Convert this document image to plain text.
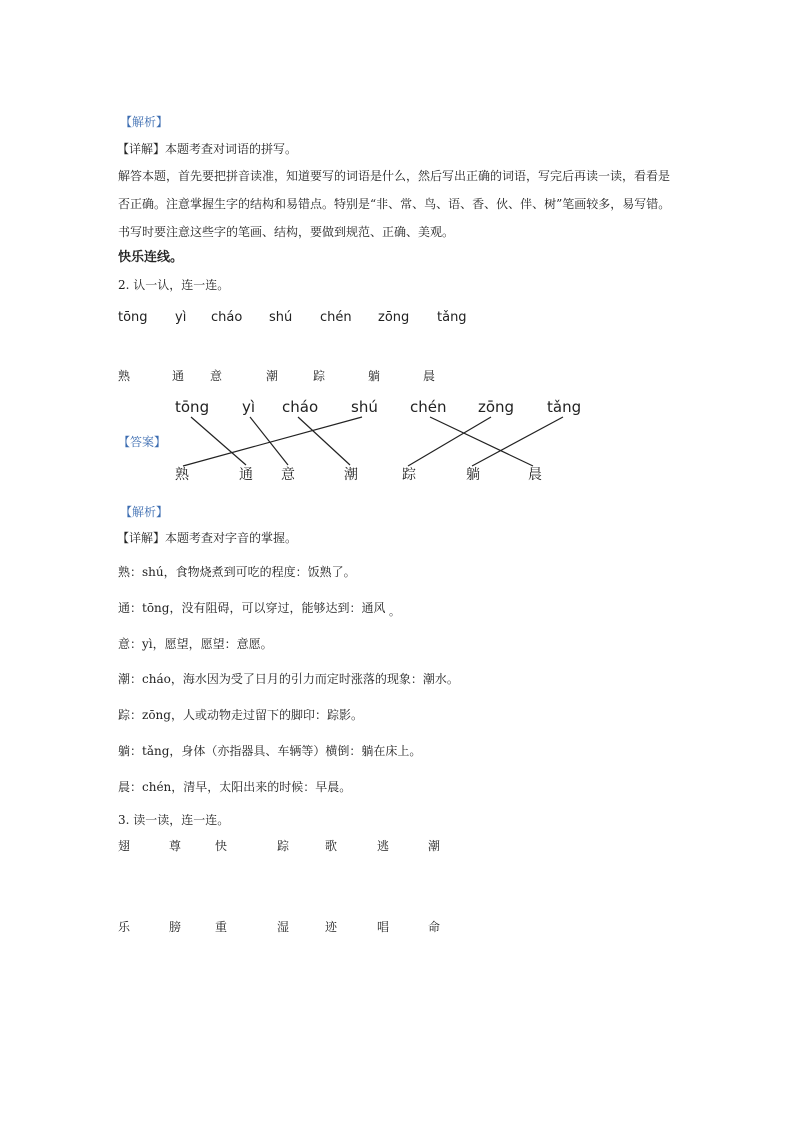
【解析】
【详解】本题考查对词语的拼写。
解答本题，首先要把拼音读准，知道要写的词语是什么，然后写出正确的词语，写完后再读一读，看看是
否正确。注意掌握生字的结构和易错点。特别是“非、常、鸟、语、香、伙、伴、树”笔画较多，易写错。
书写时要注意这些字的笔画、结构，要做到规范、正确、美观。
快乐连线。
2. 认一认，连一连。
tōng yì cháo shú chén zōng tǎng
熟	通 意	潮	踪	躺	晨
tōng yì cháo shú chén zōng tǎng
【答案】
熟	通 意	潮	踪	躺	晨
【解析】
【详解】本题考查对字音的掌握。
熟：shú，食物烧煮到可吃的程度：饭熟了。
通：tōng，没有阻碍，可以穿过，能够达到：通风 。
意：yì，愿望，愿望：意愿。
潮：cháo，海水因为受了日月的引力而定时涨落的现象：潮水。
踪：zōng，人或动物走过留下的脚印：踪影。
躺：tǎng，身体（亦指器具、车辆等）横倒：躺在床上。
晨：chén，清早，太阳出来的时候：早晨。
3. 读一读，连一连。
翅	尊	快	踪	歌	逃	潮
乐	膀	重	湿	迹	唱	命
